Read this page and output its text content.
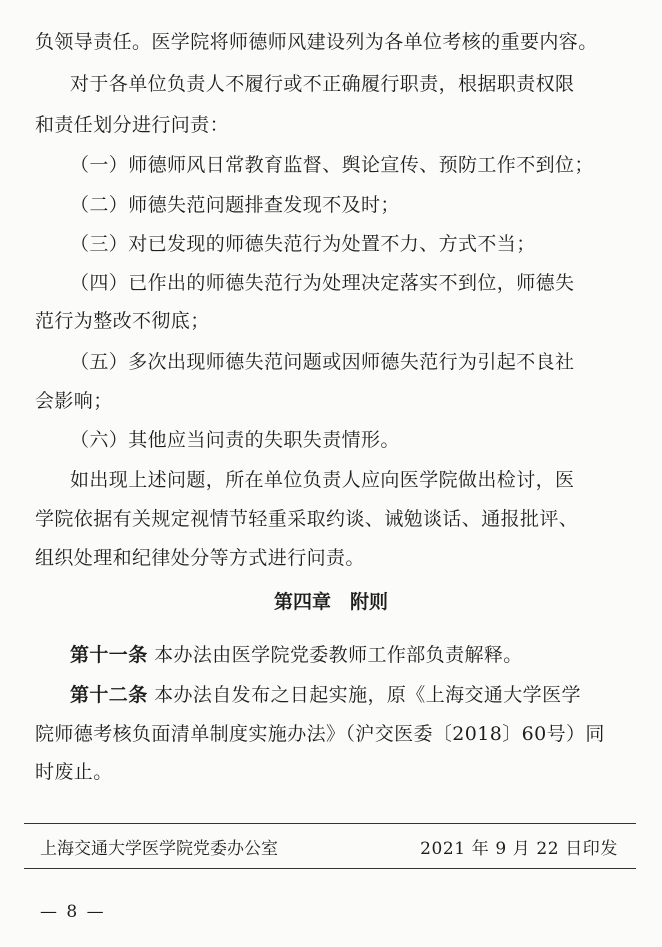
负领导责任。医学院将师德师风建设列为各单位考核的重要内容。
对于各单位负责人不履行或不正确履行职责，根据职责权限
和责任划分进行问责：
（一）师德师风日常教育监督、舆论宣传、预防工作不到位；
（二）师德失范问题排查发现不及时；
（三）对已发现的师德失范行为处置不力、方式不当；
（四）已作出的师德失范行为处理决定落实不到位，师德失
范行为整改不彻底；
（五）多次出现师德失范问题或因师德失范行为引起不良社
会影响；
（六）其他应当问责的失职失责情形。
如出现上述问题，所在单位负责人应向医学院做出检讨，医
学院依据有关规定视情节轻重采取约谈、诫勉谈话、通报批评、
组织处理和纪律处分等方式进行问责。
第四章　附则
第十一条 本办法由医学院党委教师工作部负责解释。
第十二条 本办法自发布之日起实施，原《上海交通大学医学
院师德考核负面清单制度实施办法》（沪交医委〔2018〕60号）同
时废止。
上海交通大学医学院党委办公室	2021 年 9 月 22 日印发
— 8 —
